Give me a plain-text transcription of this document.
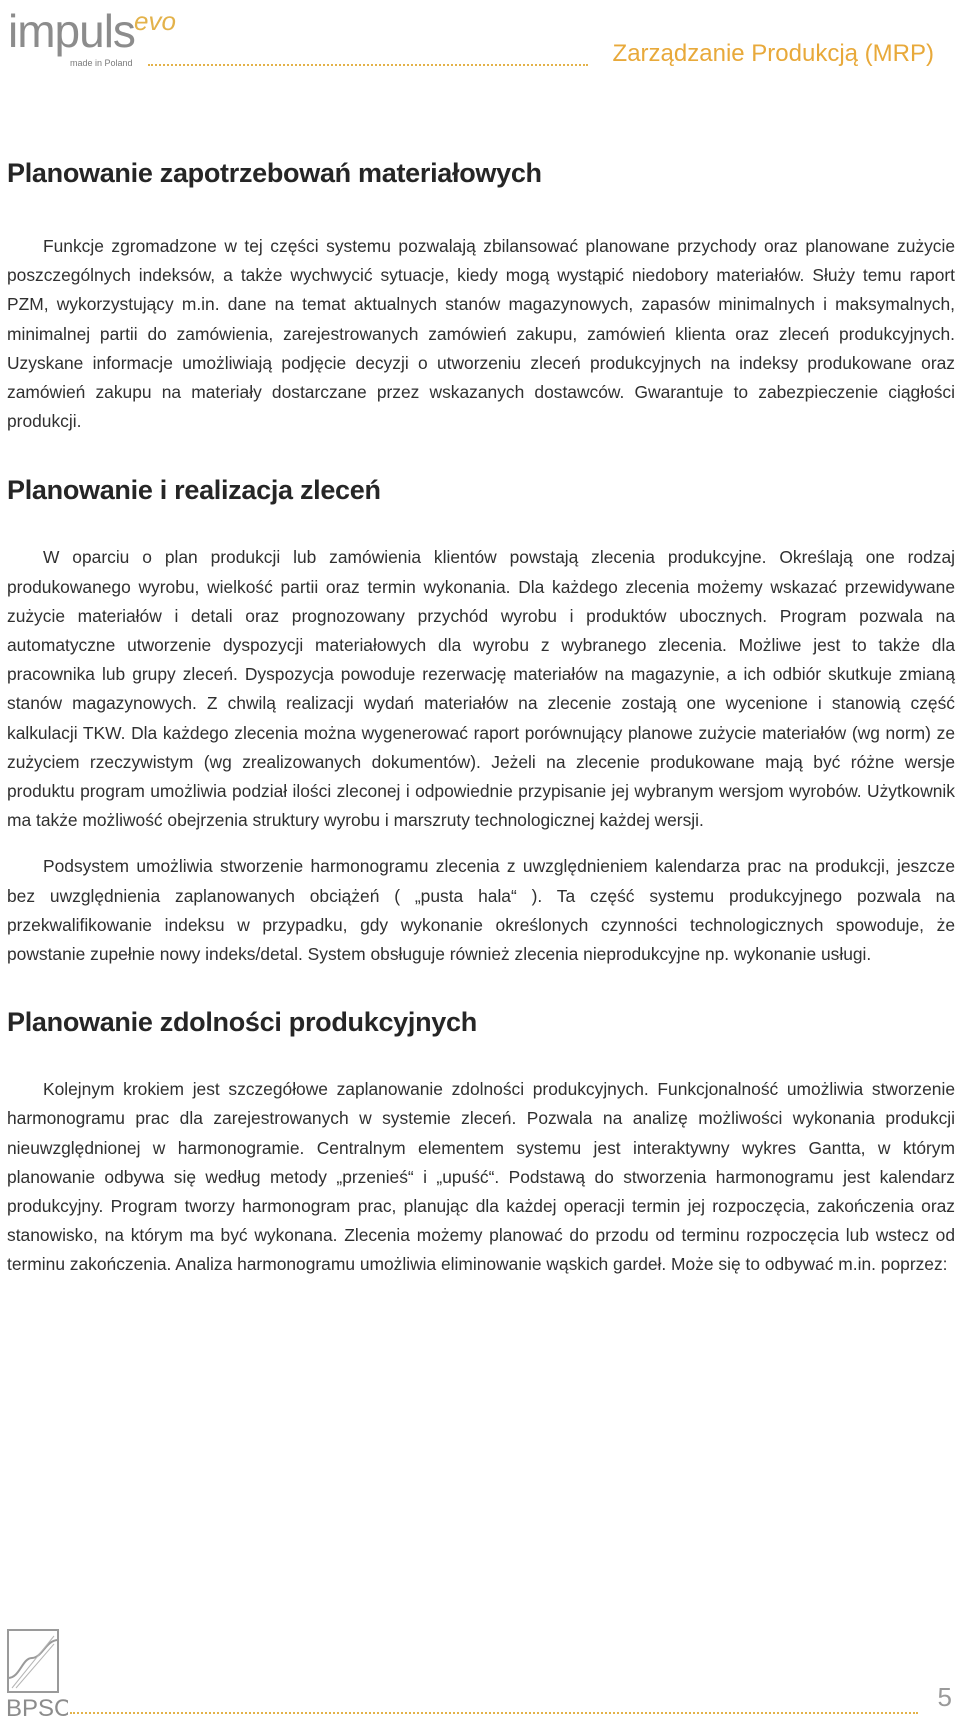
impuls evo
made in Poland	Zarządzanie Produkcją (MRP)
Planowanie zapotrzebowań materiałowych

Funkcje zgromadzone w tej części systemu pozwalają zbilansować planowane przychody oraz planowane zużycie poszczególnych indeksów, a także wychwycić sytuacje, kiedy mogą wystąpić niedobory materiałów. Służy temu raport PZM, wykorzystujący m.in. dane na temat aktualnych stanów magazynowych, zapasów minimalnych i maksymalnych, minimalnej partii do zamówienia, zarejestrowanych zamówień zakupu, zamówień klienta oraz zleceń produkcyjnych. Uzyskane informacje umożliwiają podjęcie decyzji o utworzeniu zleceń produkcyjnych na indeksy produkowane oraz zamówień zakupu na materiały dostarczane przez wskazanych dostawców. Gwarantuje to zabezpieczenie ciągłości produkcji.

Planowanie i realizacja zleceń

W oparciu o plan produkcji lub zamówienia klientów powstają zlecenia produkcyjne. Określają one rodzaj produkowanego wyrobu, wielkość partii oraz termin wykonania. Dla każdego zlecenia możemy wskazać przewidywane zużycie materiałów i detali oraz prognozowany przychód wyrobu i produktów ubocznych. Program pozwala na automatyczne utworzenie dyspozycji materiałowych dla wyrobu z wybranego zlecenia. Możliwe jest to także dla pracownika lub grupy zleceń. Dyspozycja powoduje rezerwację materiałów na magazynie, a ich odbiór skutkuje zmianą stanów magazynowych. Z chwilą realizacji wydań materiałów na zlecenie zostają one wycenione i stanowią część kalkulacji TKW. Dla każdego zlecenia można wygenerować raport porównujący planowe zużycie materiałów (wg norm) ze zużyciem rzeczywistym (wg zrealizowanych dokumentów). Jeżeli na zlecenie produkowane mają być różne wersje produktu program umożliwia podział ilości zleconej i odpowiednie przypisanie jej wybranym wersjom wyrobów. Użytkownik ma także możliwość obejrzenia struktury wyrobu i marszruty technologicznej każdej wersji.

Podsystem umożliwia stworzenie harmonogramu zlecenia z uwzględnieniem kalendarza prac na produkcji, jeszcze bez uwzględnienia zaplanowanych obciążeń ( „pusta hala“ ). Ta część systemu produkcyjnego pozwala na przekwalifikowanie indeksu w przypadku, gdy wykonanie określonych czynności technologicznych spowoduje, że powstanie zupełnie nowy indeks/detal. System obsługuje również zlecenia nieprodukcyjne np. wykonanie usługi.

Planowanie zdolności produkcyjnych

Kolejnym krokiem jest szczegółowe zaplanowanie zdolności produkcyjnych. Funkcjonalność umożliwia stworzenie harmonogramu prac dla zarejestrowanych w systemie zleceń. Pozwala na analizę możliwości wykonania produkcji nieuwzględnionej w harmonogramie. Centralnym elementem systemu jest interaktywny wykres Gantta, w którym planowanie odbywa się według metody „przenieś“ i „upuść“. Podstawą do stworzenia harmonogramu jest kalendarz produkcyjny. Program tworzy harmonogram prac, planując dla każdej operacji termin jej rozpoczęcia, zakończenia oraz stanowisko, na którym ma być wykonana. Zlecenia możemy planować do przodu od terminu rozpoczęcia lub wstecz od terminu zakończenia. Analiza harmonogramu umożliwia eliminowanie wąskich gardeł. Może się to odbywać m.in. poprzez:

BPSC	5
